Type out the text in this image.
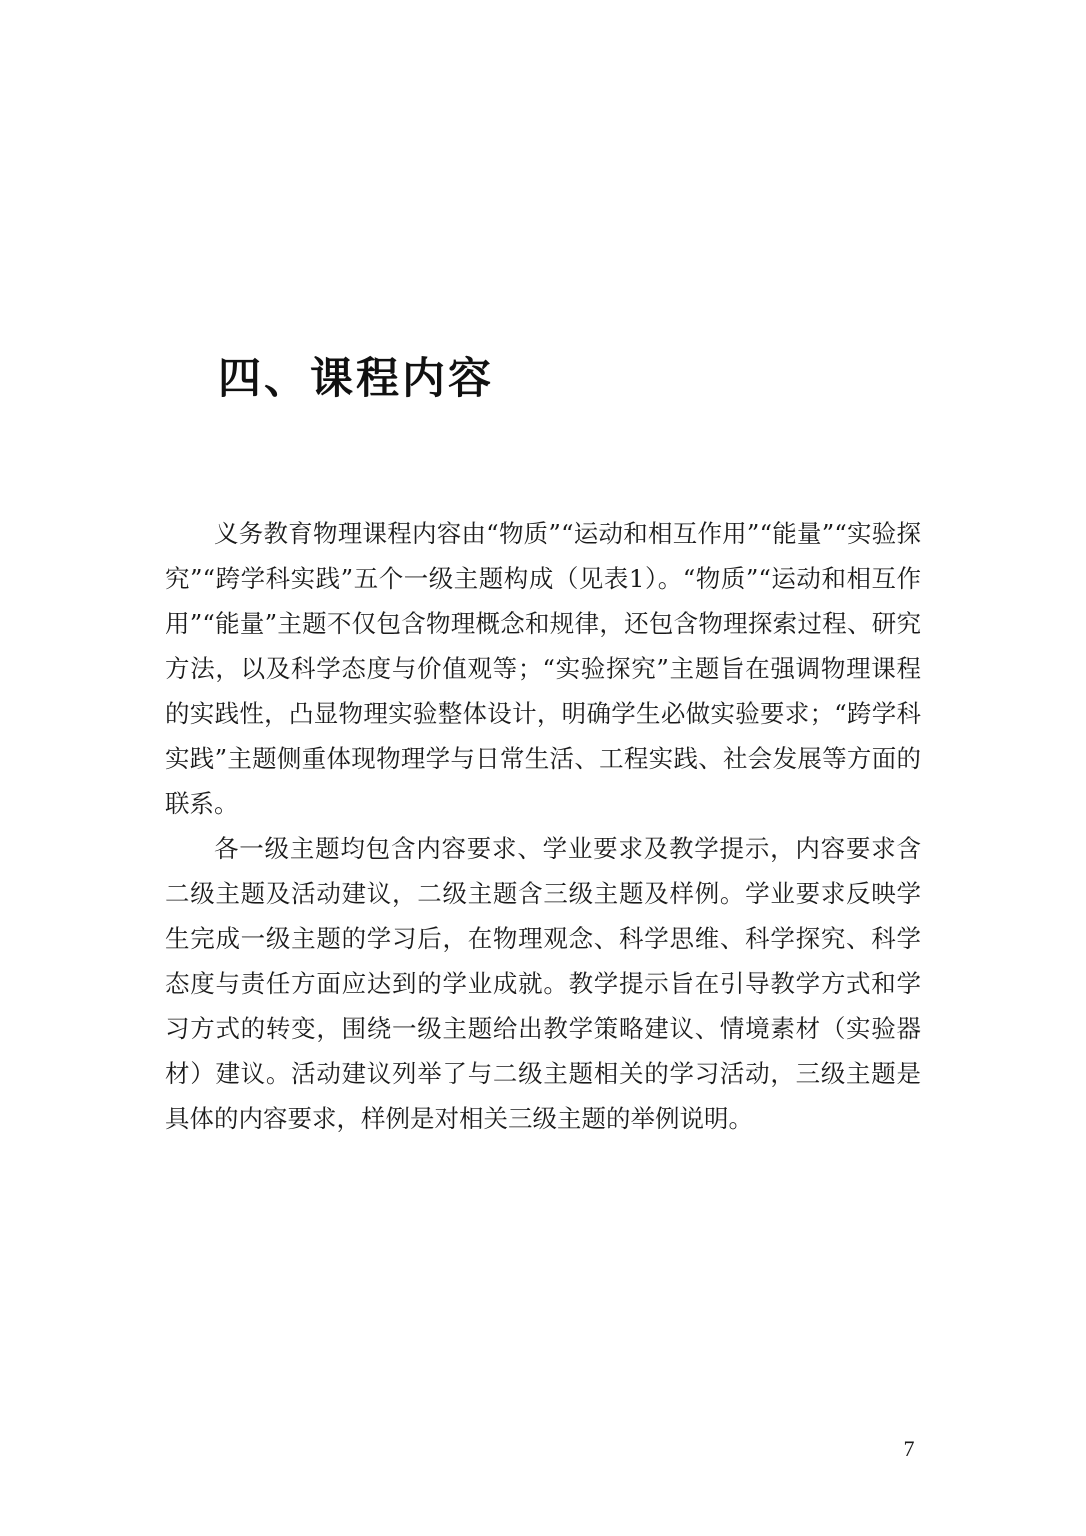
四、课程内容

义务教育物理课程内容由“物质”“运动和相互作用”“能量”“实验探究”“跨学科实践”五个一级主题构成（见表1）。“物质”“运动和相互作用”“能量”主题不仅包含物理概念和规律，还包含物理探索过程、研究方法，以及科学态度与价值观等；“实验探究”主题旨在强调物理课程的实践性，凸显物理实验整体设计，明确学生必做实验要求；“跨学科实践”主题侧重体现物理学与日常生活、工程实践、社会发展等方面的联系。

各一级主题均包含内容要求、学业要求及教学提示，内容要求含二级主题及活动建议，二级主题含三级主题及样例。学业要求反映学生完成一级主题的学习后，在物理观念、科学思维、科学探究、科学态度与责任方面应达到的学业成就。教学提示旨在引导教学方式和学习方式的转变，围绕一级主题给出教学策略建议、情境素材（实验器材）建议。活动建议列举了与二级主题相关的学习活动，三级主题是具体的内容要求，样例是对相关三级主题的举例说明。

7
